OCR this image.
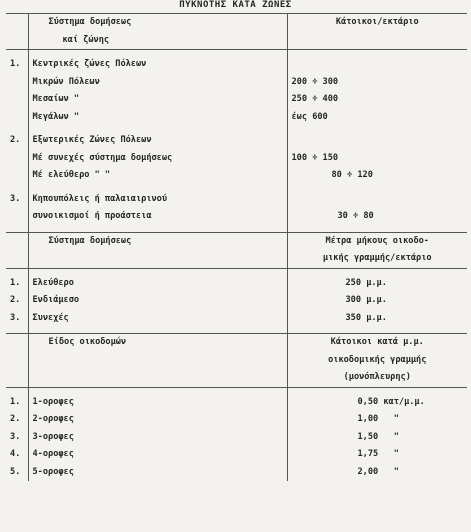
ΠΥΚΝΟΤΗΣ ΚΑΤΑ ΖΩΝΕΣ

	Σύστημα δομήσεως
καί ζώνης	Κάτοικοι/εκτάριο

1.	Κεντρικές ζώνες Πόλεων	
	Μικρών Πόλεων	200 ÷ 300
	Μεσαίων "	250 ÷ 400
	Μεγάλων "	έως 600

2.	Εξωτερικές Ζώνες Πόλεων	
	Μέ συνεχές σύστημα δομήσεως	100 ÷ 150
	Μέ ελεύθερο " "	80 ÷ 120

3.	Κηπουπόλεις ή παλαιαιρινού	
	συνοικισμοί ή προάστεια	30 ÷ 80

	Σύστημα δομήσεως	Μέτρα μήκους οικοδο-
μικής γραμμής/εκτάριο

1.	Ελεύθερο	250 μ.μ.
2.	Ενδιάμεσο	300 μ.μ.
3.	Συνεχές	350 μ.μ.

	Είδος οικοδομών	Κάτοικοι κατά μ.μ.
οικοδομικής γραμμής
(μονόπλευρης)

1.	1-οροφες	0,50 κατ/μ.μ.
2.	2-οροφες	1,00   "
3.	3-οροφες	1,50   "
4.	4-οροφες	1,75   "
5.	5-οροφες	2,00   "
